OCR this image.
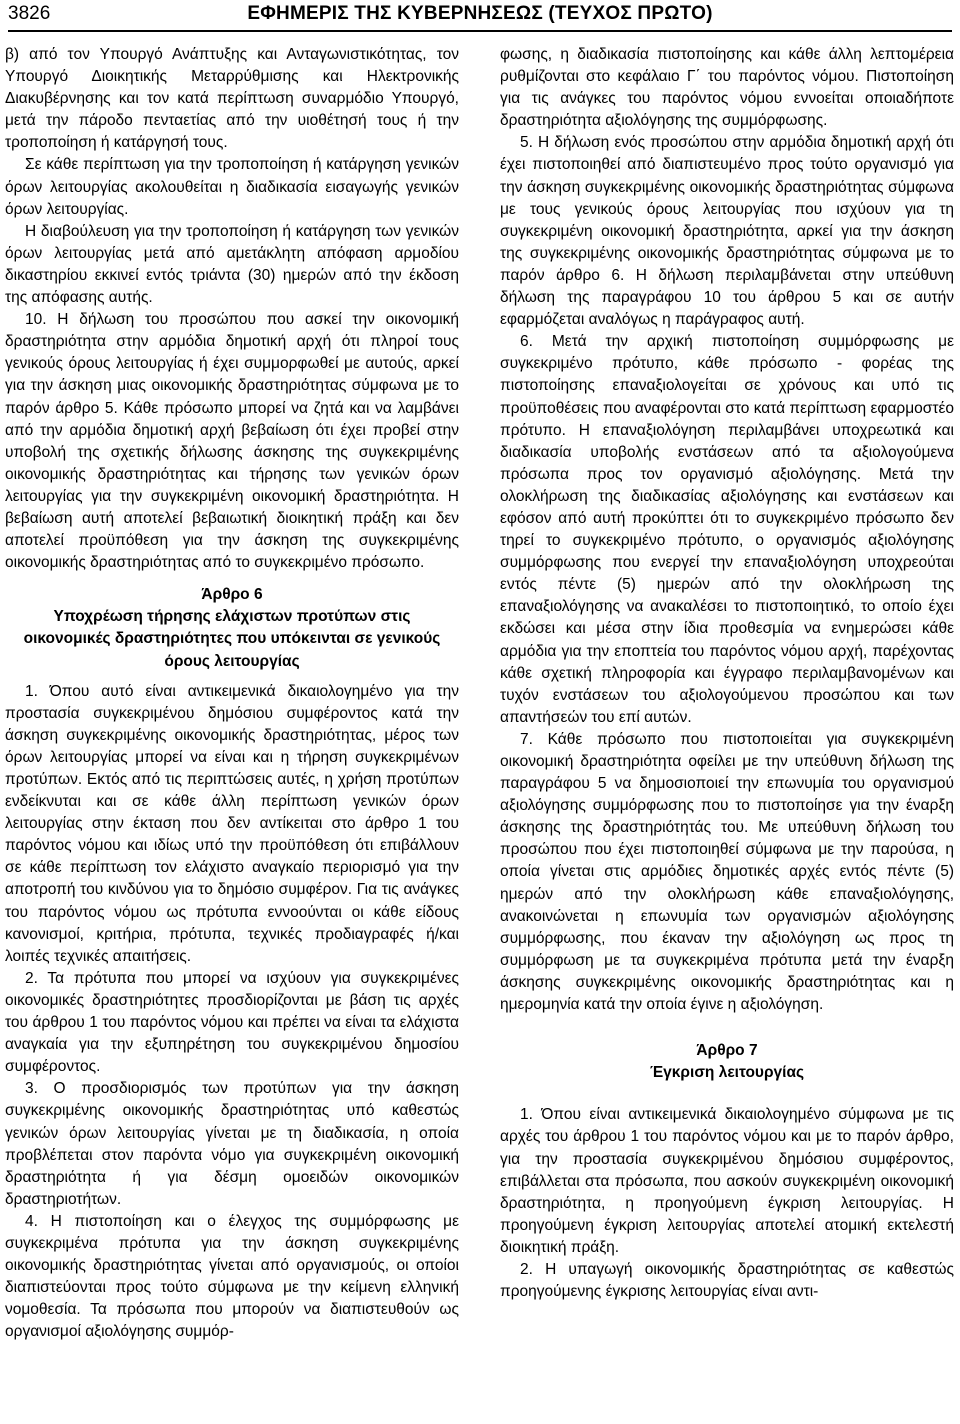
3826	ΕΦΗΜΕΡΙΣ ΤΗΣ ΚΥΒΕΡΝΗΣΕΩΣ (ΤΕΥΧΟΣ ΠΡΩΤΟ)

β) από τον Υπουργό Ανάπτυξης και Ανταγωνιστικότητας, τον Υπουργό Διοικητικής Μεταρρύθμισης και Ηλεκτρονικής Διακυβέρνησης και τον κατά περίπτωση συναρμόδιο Υπουργό, μετά την πάροδο πενταετίας από την υιοθέτησή τους ή την τροποποίηση ή κατάργησή τους.

Σε κάθε περίπτωση για την τροποποίηση ή κατάργηση γενικών όρων λειτουργίας ακολουθείται η διαδικασία εισαγωγής γενικών όρων λειτουργίας.

Η διαβούλευση για την τροποποίηση ή κατάργηση των γενικών όρων λειτουργίας μετά από αμετάκλητη απόφαση αρμοδίου δικαστηρίου εκκινεί εντός τριάντα (30) ημερών από την έκδοση της απόφασης αυτής.

10. Η δήλωση του προσώπου που ασκεί την οικονομική δραστηριότητα στην αρμόδια δημοτική αρχή ότι πληροί τους γενικούς όρους λειτουργίας ή έχει συμμορφωθεί με αυτούς, αρκεί για την άσκηση μιας οικονομικής δραστηριότητας σύμφωνα με το παρόν άρθρο 5. Κάθε πρόσωπο μπορεί να ζητά και να λαμβάνει από την αρμόδια δημοτική αρχή βεβαίωση ότι έχει προβεί στην υποβολή της σχετικής δήλωσης άσκησης της συγκεκριμένης οικονομικής δραστηριότητας και τήρησης των γενικών όρων λειτουργίας για την συγκεκριμένη οικονομική δραστηριότητα. Η βεβαίωση αυτή αποτελεί βεβαιωτική διοικητική πράξη και δεν αποτελεί προϋπόθεση για την άσκηση της συγκεκριμένης οικονομικής δραστηριότητας από το συγκεκριμένο πρόσωπο.

Άρθρο 6
Υποχρέωση τήρησης ελάχιστων προτύπων στις οικονομικές δραστηριότητες που υπόκεινται σε γενικούς όρους λειτουργίας

1. Όπου αυτό είναι αντικειμενικά δικαιολογημένο για την προστασία συγκεκριμένου δημόσιου συμφέροντος κατά την άσκηση συγκεκριμένης οικονομικής δραστηριότητας, μέρος των όρων λειτουργίας μπορεί να είναι και η τήρηση συγκεκριμένων προτύπων. Εκτός από τις περιπτώσεις αυτές, η χρήση προτύπων ενδείκνυται και σε κάθε άλλη περίπτωση γενικών όρων λειτουργίας στην έκταση που δεν αντίκειται στο άρθρο 1 του παρόντος νόμου και ιδίως υπό την προϋπόθεση ότι επιβάλλουν σε κάθε περίπτωση τον ελάχιστο αναγκαίο περιορισμό για την αποτροπή του κινδύνου για το δημόσιο συμφέρον. Για τις ανάγκες του παρόντος νόμου ως πρότυπα εννοούνται οι κάθε είδους κανονισμοί, κριτήρια, πρότυπα, τεχνικές προδιαγραφές ή/και λοιπές τεχνικές απαιτήσεις.

2. Τα πρότυπα που μπορεί να ισχύουν για συγκεκριμένες οικονομικές δραστηριότητες προσδιορίζονται με βάση τις αρχές του άρθρου 1 του παρόντος νόμου και πρέπει να είναι τα ελάχιστα αναγκαία για την εξυπηρέτηση του συγκεκριμένου δημοσίου συμφέροντος.

3. Ο προσδιορισμός των προτύπων για την άσκηση συγκεκριμένης οικονομικής δραστηριότητας υπό καθεστώς γενικών όρων λειτουργίας γίνεται με τη διαδικασία, η οποία προβλέπεται στον παρόντα νόμο για συγκεκριμένη οικονομική δραστηριότητα ή για δέσμη ομοειδών οικονομικών δραστηριοτήτων.

4. Η πιστοποίηση και ο έλεγχος της συμμόρφωσης με συγκεκριμένα πρότυπα για την άσκηση συγκεκριμένης οικονομικής δραστηριότητας γίνεται από οργανισμούς, οι οποίοι διαπιστεύονται προς τούτο σύμφωνα με την κείμενη ελληνική νομοθεσία. Τα πρόσωπα που μπορούν να διαπιστευθούν ως οργανισμοί αξιολόγησης συμμόρ-

φωσης, η διαδικασία πιστοποίησης και κάθε άλλη λεπτομέρεια ρυθμίζονται στο κεφάλαιο Γ΄ του παρόντος νόμου. Πιστοποίηση για τις ανάγκες του παρόντος νόμου εννοείται οποιαδήποτε δραστηριότητα αξιολόγησης της συμμόρφωσης.

5. Η δήλωση ενός προσώπου στην αρμόδια δημοτική αρχή ότι έχει πιστοποιηθεί από διαπιστευμένο προς τούτο οργανισμό για την άσκηση συγκεκριμένης οικονομικής δραστηριότητας σύμφωνα με τους γενικούς όρους λειτουργίας που ισχύουν για τη συγκεκριμένη οικονομική δραστηριότητα, αρκεί για την άσκηση της συγκεκριμένης οικονομικής δραστηριότητας σύμφωνα με το παρόν άρθρο 6. Η δήλωση περιλαμβάνεται στην υπεύθυνη δήλωση της παραγράφου 10 του άρθρου 5 και σε αυτήν εφαρμόζεται αναλόγως η παράγραφος αυτή.

6. Μετά την αρχική πιστοποίηση συμμόρφωσης με συγκεκριμένο πρότυπο, κάθε πρόσωπο - φορέας της πιστοποίησης επαναξιολογείται σε χρόνους και υπό τις προϋποθέσεις που αναφέρονται στο κατά περίπτωση εφαρμοστέο πρότυπο. Η επαναξιολόγηση περιλαμβάνει υποχρεωτικά και διαδικασία υποβολής ενστάσεων από τα αξιολογούμενα πρόσωπα προς τον οργανισμό αξιολόγησης. Μετά την ολοκλήρωση της διαδικασίας αξιολόγησης και ενστάσεων και εφόσον από αυτή προκύπτει ότι το συγκεκριμένο πρόσωπο δεν τηρεί το συγκεκριμένο πρότυπο, ο οργανισμός αξιολόγησης συμμόρφωσης που ενεργεί την επαναξιολόγηση υποχρεούται εντός πέντε (5) ημερών από την ολοκλήρωση της επαναξιολόγησης να ανακαλέσει το πιστοποιητικό, το οποίο έχει εκδώσει και μέσα στην ίδια προθεσμία να ενημερώσει κάθε αρμόδια για την εποπτεία του παρόντος νόμου αρχή, παρέχοντας κάθε σχετική πληροφορία και έγγραφο περιλαμβανομένων και τυχόν ενστάσεων του αξιολογούμενου προσώπου και των απαντήσεών του επί αυτών.

7. Κάθε πρόσωπο που πιστοποιείται για συγκεκριμένη οικονομική δραστηριότητα οφείλει με την υπεύθυνη δήλωση της παραγράφου 5 να δημοσιοποιεί την επωνυμία του οργανισμού αξιολόγησης συμμόρφωσης που το πιστοποίησε για την έναρξη άσκησης της δραστηριότητάς του. Με υπεύθυνη δήλωση του προσώπου που έχει πιστοποιηθεί σύμφωνα με την παρούσα, η οποία γίνεται στις αρμόδιες δημοτικές αρχές εντός πέντε (5) ημερών από την ολοκλήρωση κάθε επαναξιολόγησης, ανακοινώνεται η επωνυμία των οργανισμών αξιολόγησης συμμόρφωσης, που έκαναν την αξιολόγηση ως προς τη συμμόρφωση με τα συγκεκριμένα πρότυπα μετά την έναρξη άσκησης συγκεκριμένης οικονομικής δραστηριότητας και η ημερομηνία κατά την οποία έγινε η αξιολόγηση.

Άρθρο 7
Έγκριση λειτουργίας

1. Όπου είναι αντικειμενικά δικαιολογημένο σύμφωνα με τις αρχές του άρθρου 1 του παρόντος νόμου και με το παρόν άρθρο, για την προστασία συγκεκριμένου δημόσιου συμφέροντος, επιβάλλεται στα πρόσωπα, που ασκούν συγκεκριμένη οικονομική δραστηριότητα, η προηγούμενη έγκριση λειτουργίας. Η προηγούμενη έγκριση λειτουργίας αποτελεί ατομική εκτελεστή διοικητική πράξη.

2. Η υπαγωγή οικονομικής δραστηριότητας σε καθεστώς προηγούμενης έγκρισης λειτουργίας είναι αντι-
